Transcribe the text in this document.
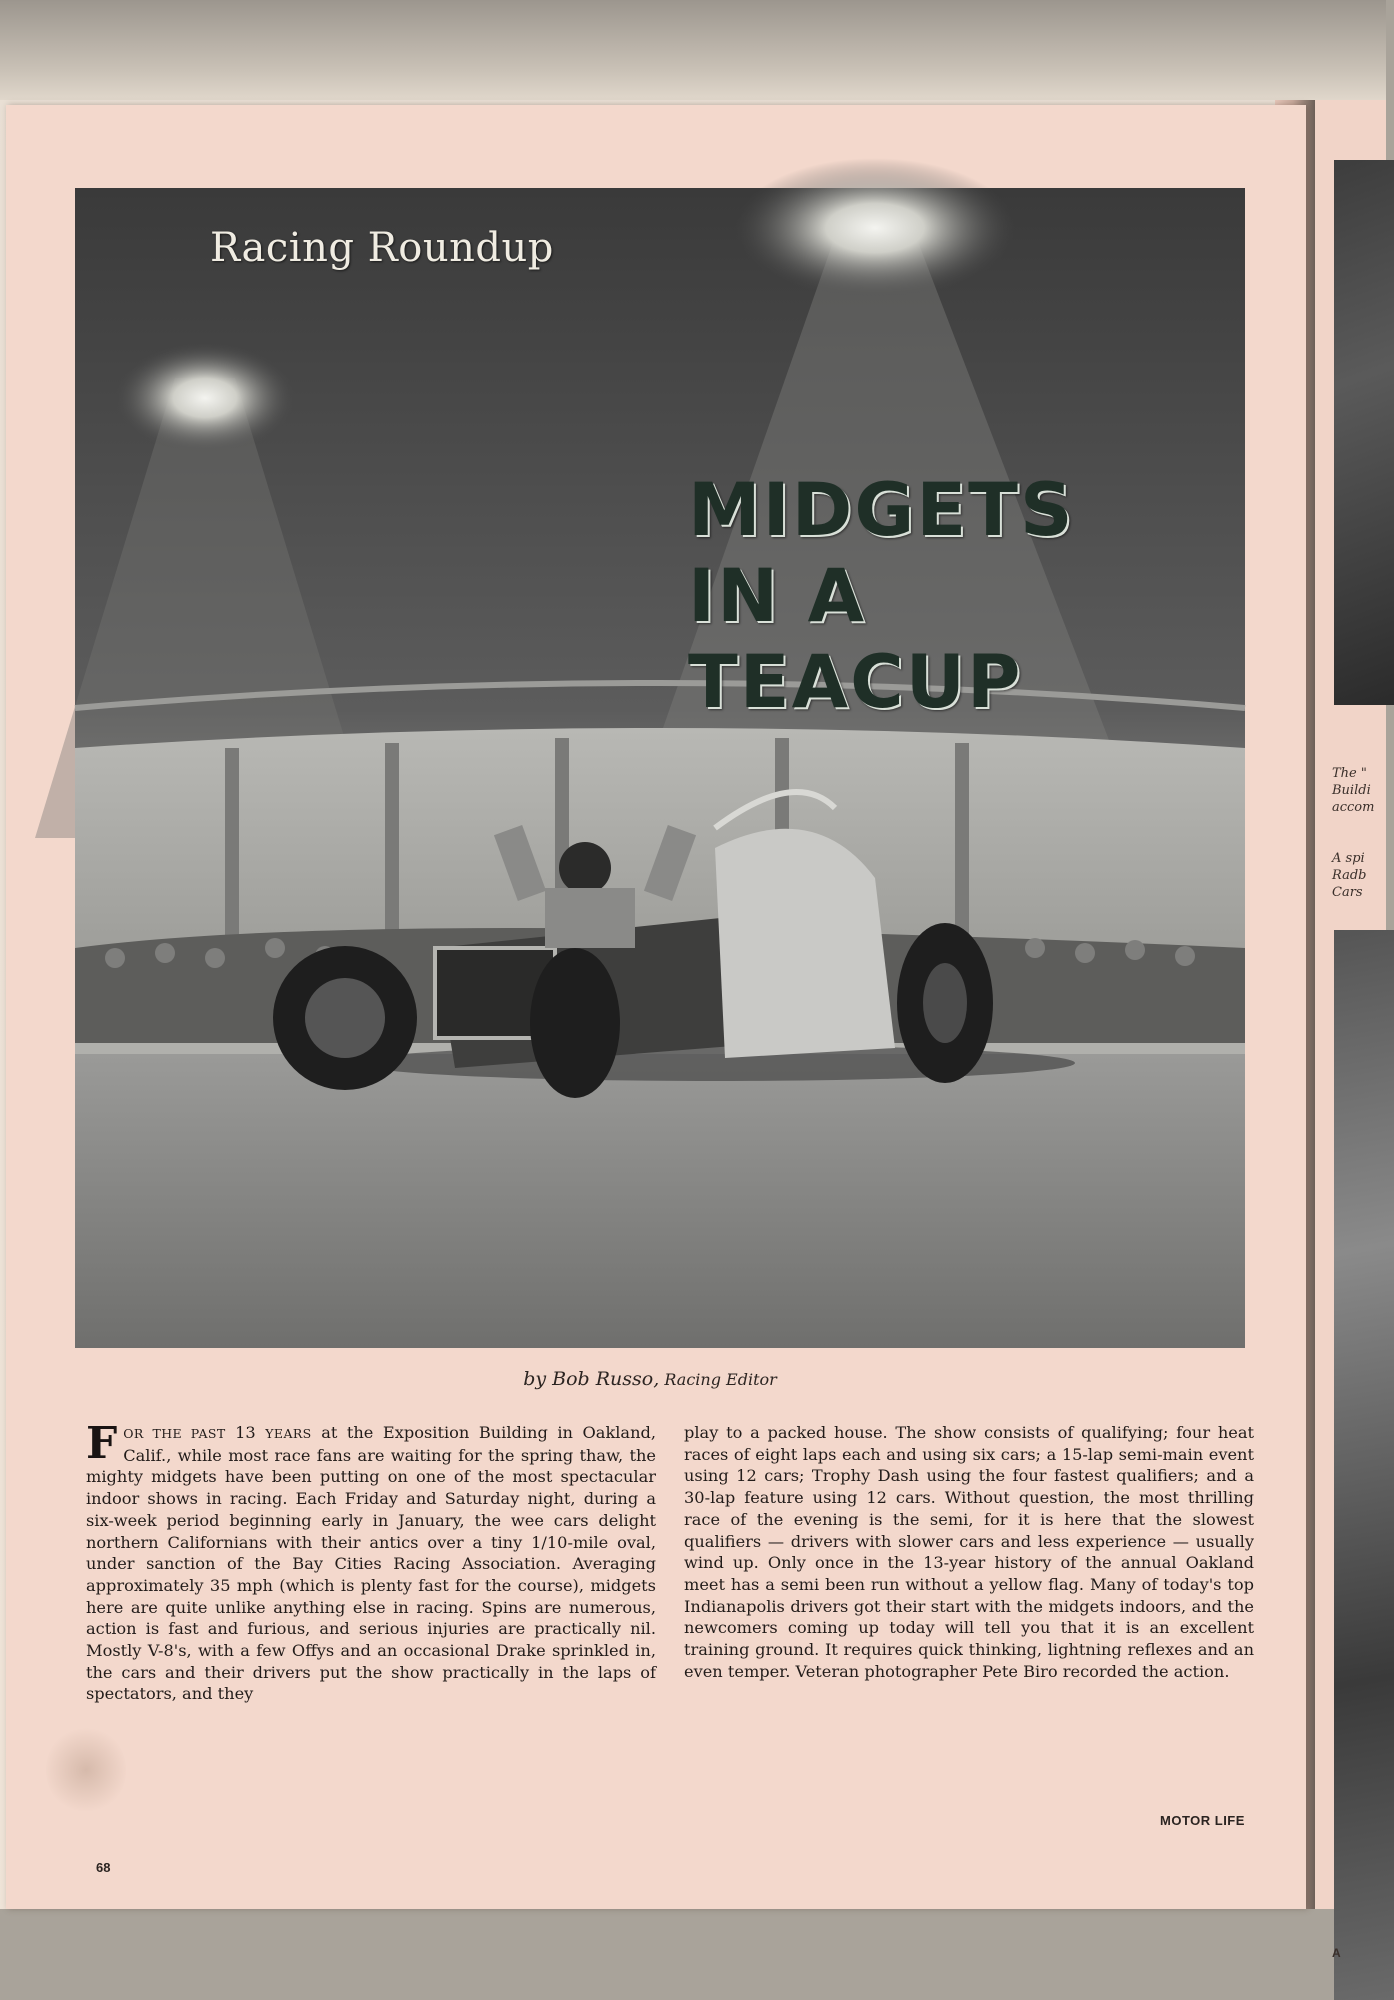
The "
Buildi
accom
A spi
Radb
Cars
A
Racing Roundup
MIDGETS
IN A
TEACUP
by Bob Russo, Racing Editor

FOR THE PAST 13 YEARS at the Exposition Building in Oakland, Calif., while most race fans are waiting for the spring thaw, the mighty midgets have been putting on one of the most spectacular indoor shows in racing. Each Friday and Saturday night, during a six-week period beginning early in January, the wee cars delight northern Californians with their antics over a tiny 1/10-mile oval, under sanction of the Bay Cities Racing Association. Averaging approximately 35 mph (which is plenty fast for the course), midgets here are quite unlike anything else in racing. Spins are numerous, action is fast and furious, and serious injuries are practically nil. Mostly V-8's, with a few Offys and an occasional Drake sprinkled in, the cars and their drivers put the show practically in the laps of spectators, and they

play to a packed house. The show consists of qualifying; four heat races of eight laps each and using six cars; a 15-lap semi-main event using 12 cars; Trophy Dash using the four fastest qualifiers; and a 30-lap feature using 12 cars. Without question, the most thrilling race of the evening is the semi, for it is here that the slowest qualifiers — drivers with slower cars and less experience — usually wind up. Only once in the 13-year history of the annual Oakland meet has a semi been run without a yellow flag. Many of today's top Indianapolis drivers got their start with the midgets indoors, and the newcomers coming up today will tell you that it is an excellent training ground. It requires quick thinking, lightning reflexes and an even temper. Veteran photographer Pete Biro recorded the action.

MOTOR LIFE
68
